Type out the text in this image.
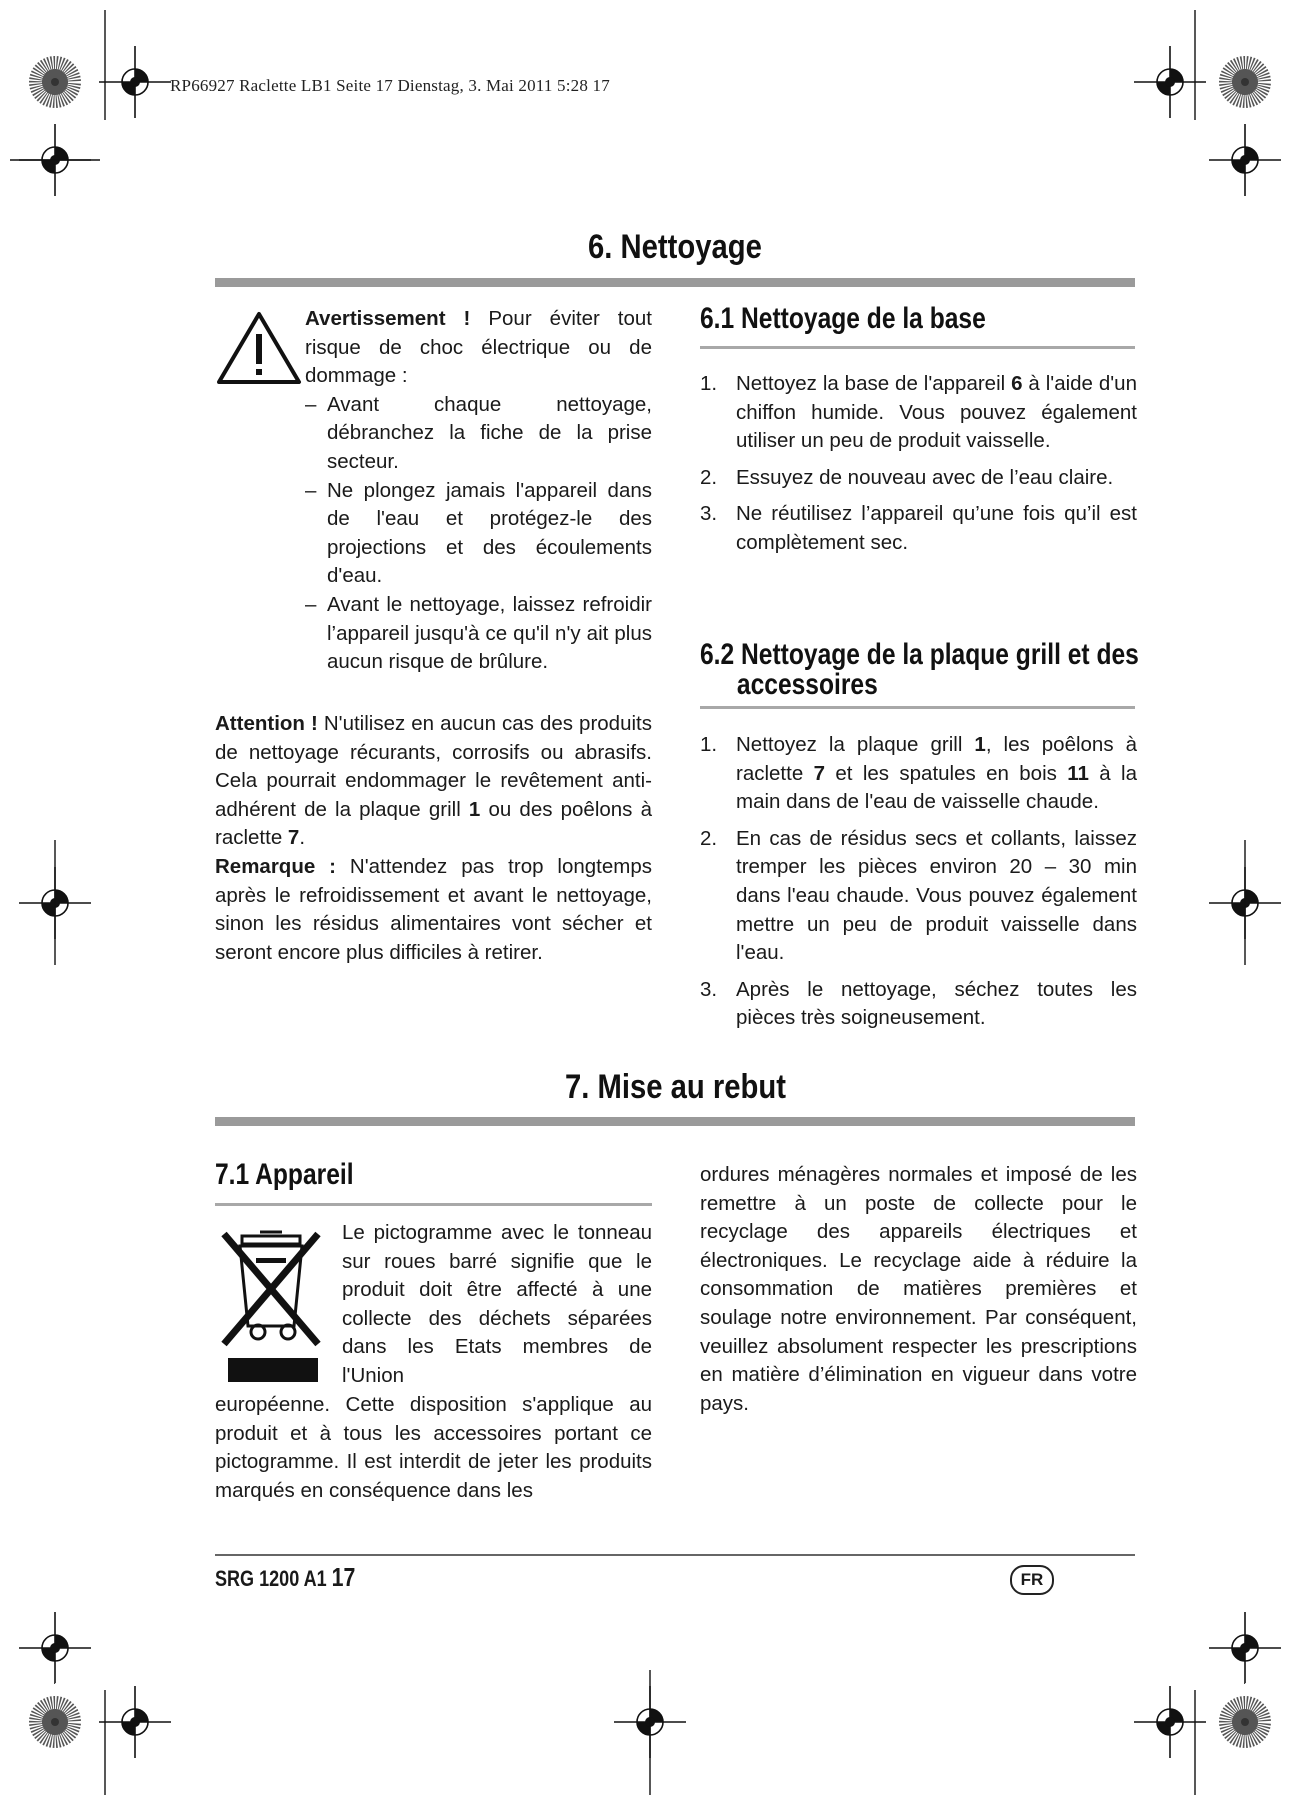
RP66927 Raclette LB1 Seite 17 Dienstag, 3. Mai 2011 5:28 17
6. Nettoyage
Avertissement ! Pour éviter tout risque de choc électrique ou de dommage :
– Avant chaque nettoyage, débranchez la fiche de la prise secteur.
– Ne plongez jamais l'appareil dans de l'eau et protégez-le des projections et des écoulements d'eau.
– Avant le nettoyage, laissez refroidir l’appareil jusqu'à ce qu'il n'y ait plus aucun risque de brûlure.
Attention ! N'utilisez en aucun cas des produits de nettoyage récurants, corrosifs ou abrasifs. Cela pourrait endommager le revêtement anti-adhérent de la plaque grill 1 ou des poêlons à raclette 7.
Remarque : N'attendez pas trop longtemps après le refroidissement et avant le nettoyage, sinon les résidus alimentaires vont sécher et seront encore plus difficiles à retirer.
6.1 Nettoyage de la base
1. Nettoyez la base de l'appareil 6 à l'aide d'un chiffon humide. Vous pouvez également utiliser un peu de produit vaisselle.
2. Essuyez de nouveau avec de l’eau claire.
3. Ne réutilisez l’appareil qu’une fois qu’il est complètement sec.
6.2 Nettoyage de la plaque grill et des
accessoires
1. Nettoyez la plaque grill 1, les poêlons à raclette 7 et les spatules en bois 11 à la main dans de l'eau de vaisselle chaude.
2. En cas de résidus secs et collants, laissez tremper les pièces environ 20 – 30 min dans l'eau chaude. Vous pouvez également mettre un peu de produit vaisselle dans l'eau.
3. Après le nettoyage, séchez toutes les pièces très soigneusement.
7. Mise au rebut
7.1 Appareil
Le pictogramme avec le tonneau sur roues barré signifie que le produit doit être affecté à une collecte des déchets séparées dans les Etats membres de l'Union
européenne. Cette disposition s'applique au produit et à tous les accessoires portant ce pictogramme. Il est interdit de jeter les produits marqués en conséquence dans les
ordures ménagères normales et imposé de les remettre à un poste de collecte pour le recyclage des appareils électriques et électroniques. Le recyclage aide à réduire la consommation de matières premières et soulage notre environnement. Par conséquent, veuillez absolument respecter les prescriptions en matière d’élimination en vigueur dans votre pays.
SRG 1200 A1 17	FR
